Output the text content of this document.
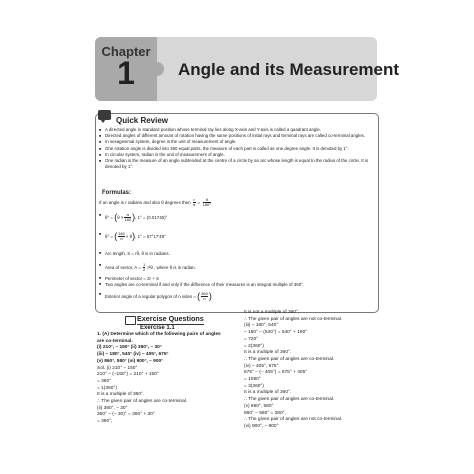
Chapter
1	Angle and its Measurement
Quick Review
■ A directed angle in standard position whose terminal ray lies along X-axis and Y-axis is called a quadrant angle.
■ Directed angles of different amount of rotation having the same positions of initial rays and terminal rays are called co-terminal angles.
■ In sexagesimal system, degree is the unit of measurement of angle.
■ One rotation angle is divided into 360 equal parts, the measure of each part is called as one degree angle. It is denoted by 1°.
■ In circular system, radian is the unit of measurement of angle.
■ One radian is the measure of an angle subtended at the centre of a circle by an arc whose length is equal to the radius of the circle. It is denoted by 1°.
Formulas:
If an angle is r radians and also θ degrees then $\frac{r}{\pi} = \frac{\theta}{180^\circ}$
■ $\theta^\circ = (\theta \times \frac{\pi}{180}$ ), 1° = (0.01745)°
■ θ° = ( $\frac{180}{\pi} \times \theta$), 1° = 57°17'48"
■ Arc length, S = rθ, θ is in radians.
■ Area of sector, $A = \frac{1}{2} r^2\theta$ , where θ is in radian.
■ Perimeter of sector = 2r + S
■ Two angles are co-terminal if and only if the difference of their measures is an integral multiple of 360°.
■ Exterior angle of a regular polygon of n sides = ( $\frac{360}{n}$ )
Exercise Questions
Exercise 1.1
1. (A) Determine which of the following pairs of angles
are co-terminal.
(i) 210°, – 150° (ii) 360°, – 30°
(iii) – 180°, 540° (iv) – 405°, 675°
(v) 860°, 580° (vi) 900°, – 900°
Sol. (i) 210° – 150°
210° – (–150°) = 210° + 150°
= 360°
= 1(360°)
It is a multiple of 360°.
∴ The given pair of angles are co-terminal.
(ii) 360°, – 30°
360° – (– 30)° = 360° + 30°
= 390°,
It is not a multiple of 360°,
∴ The given pair of angles are not co-terminal.
(iii) – 180°, 540°
– 180° – (540°) = 540° + 180°
= 720°
= 2(360°)
It is a multiple of 360°.
∴ The given pair of angles are co-terminal.
(iv) – 405°, 675°
675° – (– 405°) = 675° + 405°
= 1080°
= 3(360°)
It is a multiple of 360°.
∴ The given pair of angles are co-terminal.
(v) 860°, 580°
860° – 580° = 280°,
∴ The given pair of angles are not co-terminal.
(vi) 900°, – 900°
